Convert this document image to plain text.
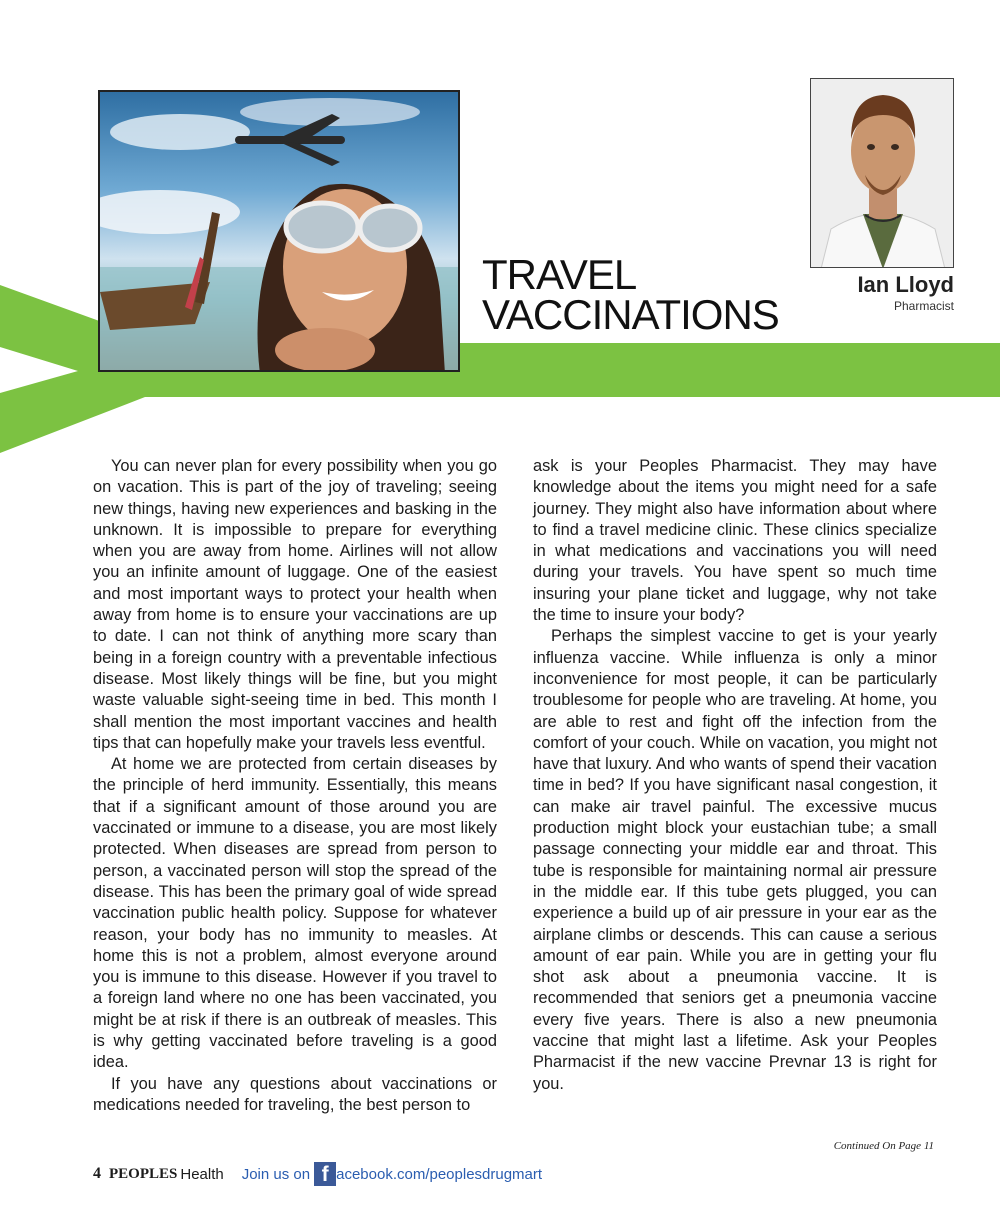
TRAVEL
VACCINATIONS
Ian Lloyd
Pharmacist

You can never plan for every possibility when you go on vacation. This is part of the joy of traveling; seeing new things, having new experiences and basking in the unknown. It is impossible to prepare for everything when you are away from home. Airlines will not allow you an infinite amount of luggage. One of the easiest and most important ways to protect your health when away from home is to ensure your vaccinations are up to date. I can not think of anything more scary than being in a foreign country with a preventable infectious disease. Most likely things will be fine, but you might waste valuable sight-seeing time in bed. This month I shall mention the most important vaccines and health tips that can hopefully make your travels less eventful.

At home we are protected from certain diseases by the principle of herd immunity. Essentially, this means that if a significant amount of those around you are vaccinated or immune to a disease, you are most likely protected. When diseases are spread from person to person, a vaccinated person will stop the spread of the disease. This has been the primary goal of wide spread vaccination public health policy. Suppose for whatever reason, your body has no immunity to measles. At home this is not a problem, almost everyone around you is immune to this disease. However if you travel to a foreign land where no one has been vaccinated, you might be at risk if there is an outbreak of measles. This is why getting vaccinated before traveling is a good idea.

If you have any questions about vaccinations or medications needed for traveling, the best person to

ask is your Peoples Pharmacist. They may have knowledge about the items you might need for a safe journey. They might also have information about where to find a travel medicine clinic. These clinics specialize in what medications and vaccinations you will need during your travels. You have spent so much time insuring your plane ticket and luggage, why not take the time to insure your body?

Perhaps the simplest vaccine to get is your yearly influenza vaccine. While influenza is only a minor inconvenience for most people, it can be particularly troublesome for people who are traveling. At home, you are able to rest and fight off the infection from the comfort of your couch. While on vacation, you might not have that luxury. And who wants of spend their vacation time in bed? If you have significant nasal congestion, it can make air travel painful. The excessive mucus production might block your eustachian tube; a small passage connecting your middle ear and throat. This tube is responsible for maintaining normal air pressure in the middle ear. If this tube gets plugged, you can experience a build up of air pressure in your ear as the airplane climbs or descends. This can cause a serious amount of ear pain. While you are in getting your flu shot ask about a pneumonia vaccine. It is recommended that seniors get a pneumonia vaccine every five years. There is also a new pneumonia vaccine that might last a lifetime. Ask your Peoples Pharmacist if the new vaccine Prevnar 13 is right for you.

Continued On Page 11
4 PEOPLES Health Join us on f acebook.com/peoplesdrugmart
